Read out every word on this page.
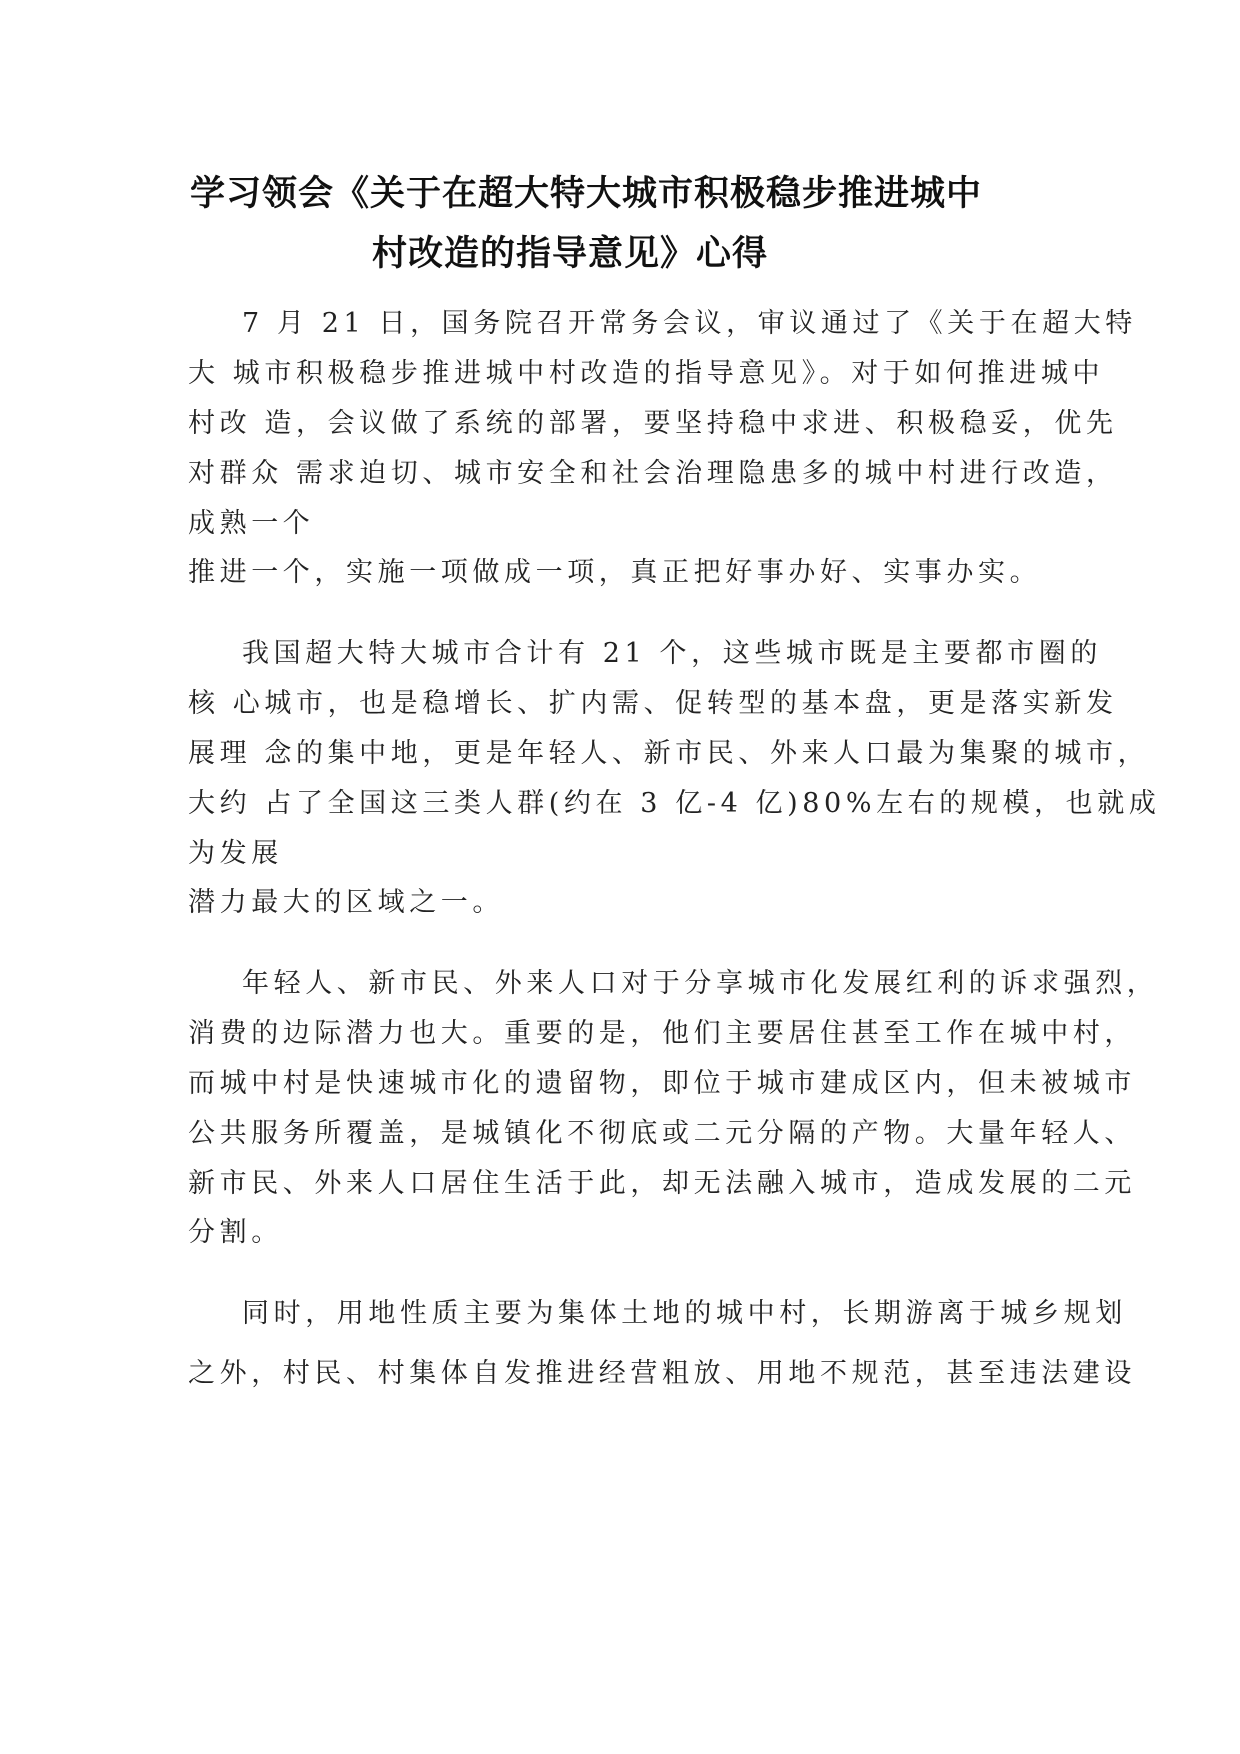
学习领会《关于在超大特大城市积极稳步推进城中
村改造的指导意见》心得
7 月 21 日，国务院召开常务会议，审议通过了《关于在超大特
大 城市积极稳步推进城中村改造的指导意见》。对于如何推进城中
村改 造，会议做了系统的部署，要坚持稳中求进、积极稳妥，优先
对群众 需求迫切、城市安全和社会治理隐患多的城中村进行改造，
成熟一个
推进一个，实施一项做成一项，真正把好事办好、实事办实。
我国超大特大城市合计有 21 个，这些城市既是主要都市圈的
核 心城市，也是稳增长、扩内需、促转型的基本盘，更是落实新发
展理 念的集中地，更是年轻人、新市民、外来人口最为集聚的城市，
大约 占了全国这三类人群(约在 3 亿-4 亿)80%左右的规模，也就成
为发展
潜力最大的区域之一。
年轻人、新市民、外来人口对于分享城市化发展红利的诉求强烈，
消费的边际潜力也大。重要的是，他们主要居住甚至工作在城中村，
而城中村是快速城市化的遗留物，即位于城市建成区内，但未被城市
公共服务所覆盖，是城镇化不彻底或二元分隔的产物。大量年轻人、
新市民、外来人口居住生活于此，却无法融入城市，造成发展的二元
分割。
同时，用地性质主要为集体土地的城中村，长期游离于城乡规划
之外，村民、村集体自发推进经营粗放、用地不规范，甚至违法建设
